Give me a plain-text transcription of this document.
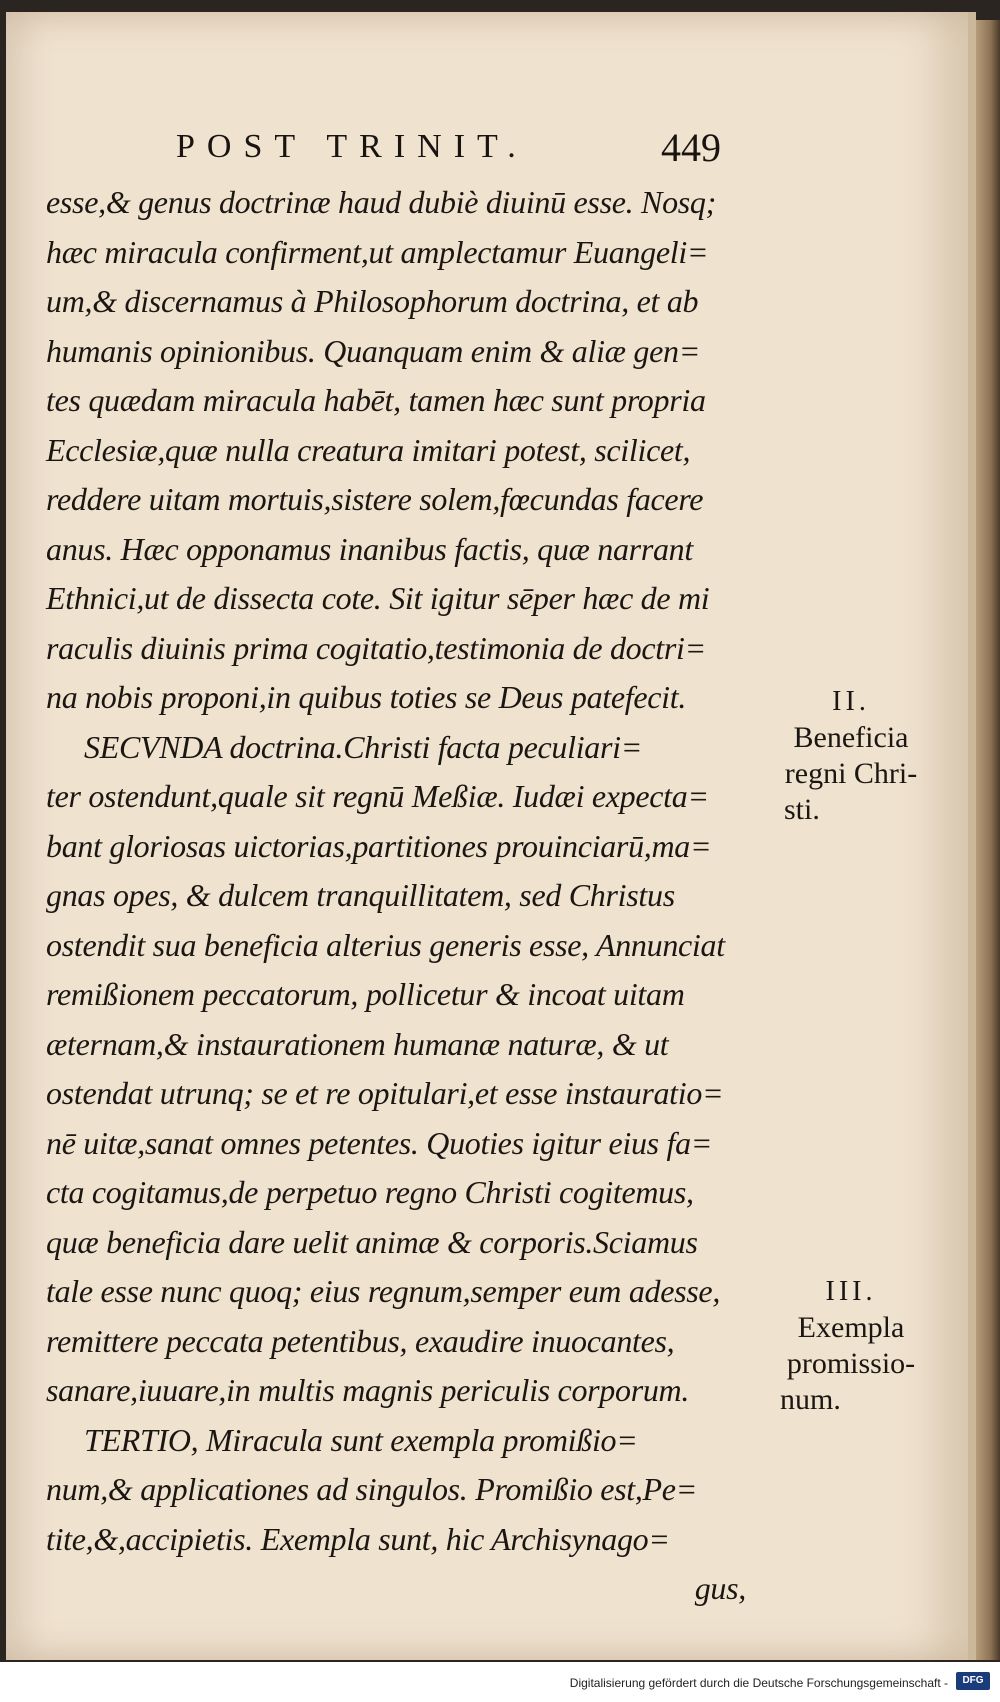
POST TRINIT.	449
esse,& genus doctrinæ haud dubiè diuinū esse. Nosq;
hæc miracula confirment,ut amplectamur Euangeli=
um,& discernamus à Philosophorum doctrina, et ab
humanis opinionibus. Quanquam enim & aliæ gen=
tes quædam miracula habēt, tamen hæc sunt propria
Ecclesiæ,quæ nulla creatura imitari potest, scilicet,
reddere uitam mortuis,sistere solem,fœcundas facere
anus. Hæc opponamus inanibus factis, quæ narrant
Ethnici,ut de dissecta cote. Sit igitur sēper hæc de mi
raculis diuinis prima cogitatio,testimonia de doctri=
na nobis proponi,in quibus toties se Deus patefecit.
SECVNDA doctrina.Christi facta peculiari=
ter ostendunt,quale sit regnū Meßiæ. Iudæi expecta=
bant gloriosas uictorias,partitiones prouinciarū,ma=
gnas opes, & dulcem tranquillitatem, sed Christus
ostendit sua beneficia alterius generis esse, Annunciat
remißionem peccatorum, pollicetur & incoat uitam
æternam,& instaurationem humanæ naturæ, & ut
ostendat utrunq; se et re opitulari,et esse instauratio=
nē uitæ,sanat omnes petentes. Quoties igitur eius fa=
cta cogitamus,de perpetuo regno Christi cogitemus,
quæ beneficia dare uelit animæ & corporis.Sciamus
tale esse nunc quoq; eius regnum,semper eum adesse,
remittere peccata petentibus, exaudire inuocantes,
sanare,iuuare,in multis magnis periculis corporum.
TERTIO, Miracula sunt exempla promißio=
num,& applicationes ad singulos. Promißio est,Pe=
tite,&,accipietis. Exempla sunt, hic Archisynago=
gus,
II.
Beneficia
regni Chri-
sti.
III.
Exempla
promissio-
num.
Digitalisierung gefördert durch die Deutsche Forschungsgemeinschaft -	DFG
